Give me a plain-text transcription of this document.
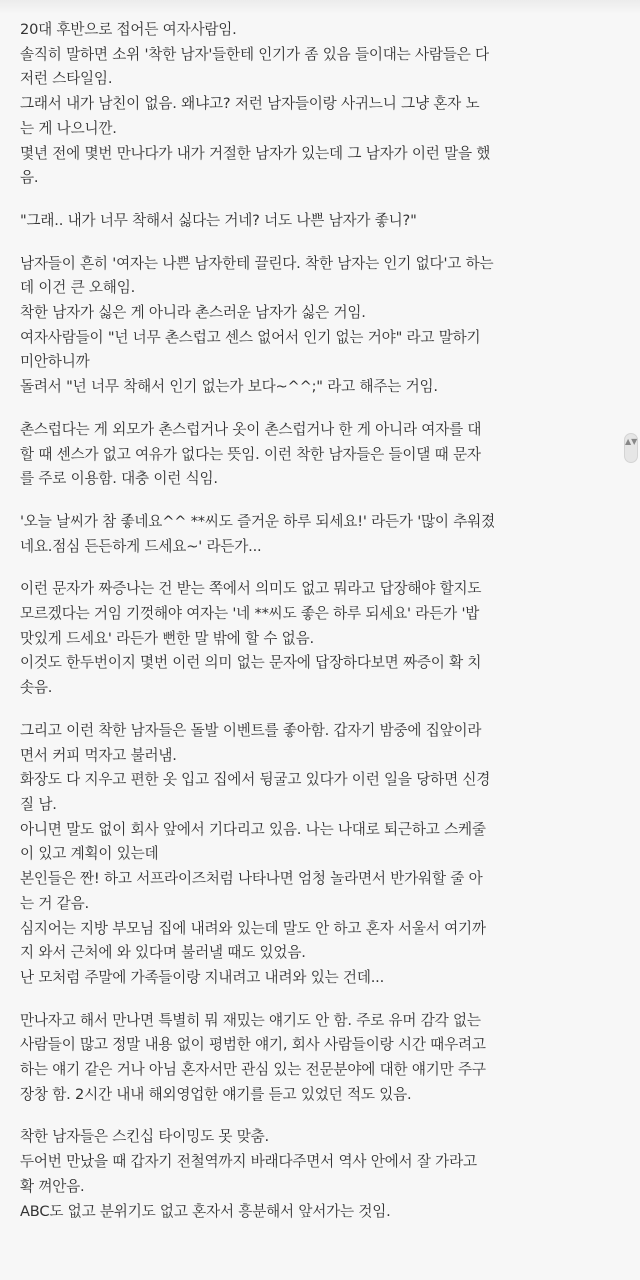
20대 후반으로 접어든 여자사람임.
솔직히 말하면 소위 '착한 남자'들한테 인기가 좀 있음 들이대는 사람들은 다
저런 스타일임.
그래서 내가 남친이 없음. 왜냐고? 저런 남자들이랑 사귀느니 그냥 혼자 노
는 게 나으니깐.
몇년 전에 몇번 만나다가 내가 거절한 남자가 있는데 그 남자가 이런 말을 했
음.
"그래.. 내가 너무 착해서 싫다는 거네? 너도 나쁜 남자가 좋니?"
남자들이 흔히 '여자는 나쁜 남자한테 끌린다. 착한 남자는 인기 없다'고 하는
데 이건 큰 오해임.
착한 남자가 싫은 게 아니라 촌스러운 남자가 싫은 거임.
여자사람들이 "넌 너무 촌스럽고 센스 없어서 인기 없는 거야" 라고 말하기
미안하니까
돌려서 "넌 너무 착해서 인기 없는가 보다~^^;" 라고 해주는 거임.
촌스럽다는 게 외모가 촌스럽거나 옷이 촌스럽거나 한 게 아니라 여자를 대
할 때 센스가 없고 여유가 없다는 뜻임. 이런 착한 남자들은 들이댈 때 문자
를 주로 이용함. 대충 이런 식임.
'오늘 날씨가 참 좋네요^^ **씨도 즐거운 하루 되세요!' 라든가 '많이 추워졌
네요.점심 든든하게 드세요~' 라든가...
이런 문자가 짜증나는 건 받는 쪽에서 의미도 없고 뭐라고 답장해야 할지도
모르겠다는 거임 기껏해야 여자는 '네 **씨도 좋은 하루 되세요' 라든가 '밥
맛있게 드세요' 라든가 뻔한 말 밖에 할 수 없음.
이것도 한두번이지 몇번 이런 의미 없는 문자에 답장하다보면 짜증이 확 치
솟음.
그리고 이런 착한 남자들은 돌발 이벤트를 좋아함. 갑자기 밤중에 집앞이라
면서 커피 먹자고 불러냄.
화장도 다 지우고 편한 옷 입고 집에서 뒹굴고 있다가 이런 일을 당하면 신경
질 남.
아니면 말도 없이 회사 앞에서 기다리고 있음. 나는 나대로 퇴근하고 스케줄
이 있고 계획이 있는데
본인들은 짠! 하고 서프라이즈처럼 나타나면 엄청 놀라면서 반가워할 줄 아
는 거 같음.
심지어는 지방 부모님 집에 내려와 있는데 말도 안 하고 혼자 서울서 여기까
지 와서 근처에 와 있다며 불러낼 때도 있었음.
난 모처럼 주말에 가족들이랑 지내려고 내려와 있는 건데...
만나자고 해서 만나면 특별히 뭐 재밌는 얘기도 안 함. 주로 유머 감각 없는
사람들이 많고 정말 내용 없이 평범한 얘기, 회사 사람들이랑 시간 때우려고
하는 얘기 같은 거나 아님 혼자서만 관심 있는 전문분야에 대한 얘기만 주구
장창 함. 2시간 내내 해외영업한 얘기를 듣고 있었던 적도 있음.
착한 남자들은 스킨십 타이밍도 못 맞춤.
두어번 만났을 때 갑자기 전철역까지 바래다주면서 역사 안에서 잘 가라고
확 껴안음.
ABC도 없고 분위기도 없고 혼자서 흥분해서 앞서가는 것임.
▲▼
